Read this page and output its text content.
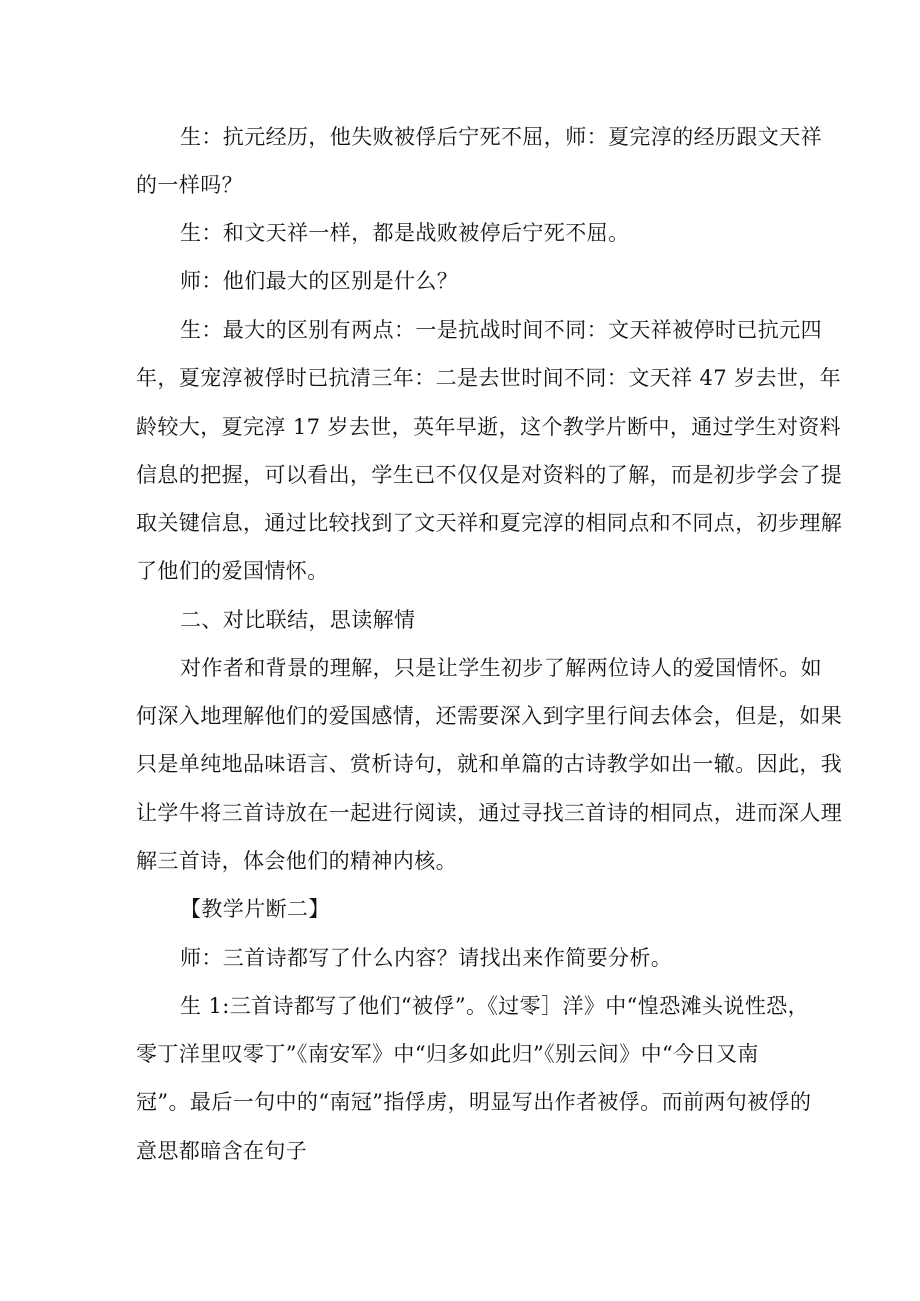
生：抗元经历，他失败被俘后宁死不屈，师：夏完淳的经历跟文天祥
的一样吗？
生：和文天祥一样，都是战败被停后宁死不屈。
师：他们最大的区别是什么？
生：最大的区别有两点：一是抗战时间不同：文天祥被停时已抗元四
年，夏宠淳被俘时已抗清三年：二是去世时间不同：文天祥 47 岁去世，年
龄较大，夏完淳 17 岁去世，英年早逝，这个教学片断中，通过学生对资料
信息的把握，可以看出，学生已不仅仅是对资料的了解，而是初步学会了提
取关键信息，通过比较找到了文天祥和夏完淳的相同点和不同点，初步理解
了他们的爱国情怀。
二、对比联结，思读解情
对作者和背景的理解，只是让学生初步了解两位诗人的爱国情怀。如
何深入地理解他们的爱国感情，还需要深入到字里行间去体会，但是，如果
只是单纯地品味语言、赏析诗句，就和单篇的古诗教学如出一辙。因此，我
让学牛将三首诗放在一起进行阅读，通过寻找三首诗的相同点，进而深人理
解三首诗，体会他们的精神内核。
【教学片断二】
师：三首诗都写了什么内容？请找出来作简要分析。
生 1:三首诗都写了他们“被俘”。《过零］洋》中“惶恐滩头说性恐，
零丁洋里叹零丁”《南安军》中“归多如此归”《别云间》中“今日又南
冠”。最后一句中的“南冠”指俘虏，明显写出作者被俘。而前两句被俘的
意思都暗含在句子
